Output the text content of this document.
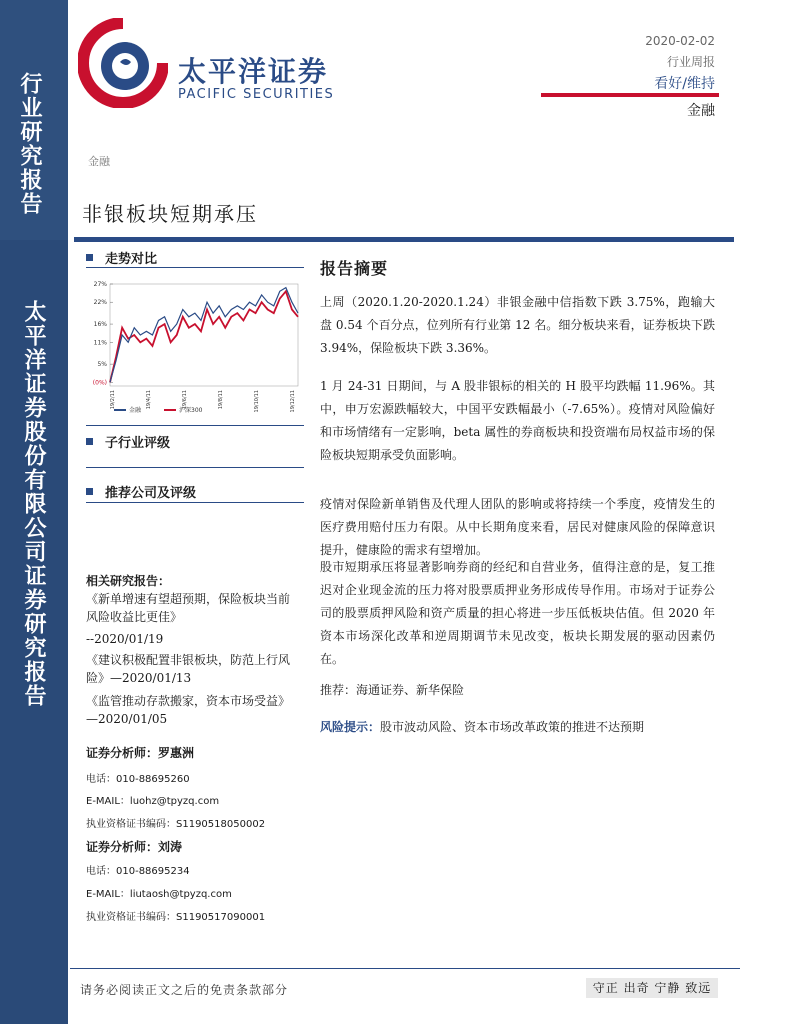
行业研究报告
太平洋证券股份有限公司证券研究报告
太平洋证券
PACIFIC SECURITIES
2020-02-02
行业周报
看好/维持
金融
金融
非银板块短期承压
走势对比
27%
22%
16%
11%
5%
(0%)
19/2/11	19/4/11	19/6/11	19/8/11	19/10/11	19/12/11
金融	沪深300
子行业评级
推荐公司及评级
相关研究报告：
《新单增速有望超预期，保险板块当前风险收益比更佳》
--2020/01/19
《建议积极配置非银板块，防范上行风险》—2020/01/13
《监管推动存款搬家，资本市场受益》—2020/01/05
证券分析师：罗惠洲
电话：010-88695260
E-MAIL：luohz@tpyzq.com
执业资格证书编码：S1190518050002
证券分析师：刘涛
电话：010-88695234
E-MAIL：liutaosh@tpyzq.com
执业资格证书编码：S1190517090001
报告摘要
上周（2020.1.20-2020.1.24）非银金融中信指数下跌 3.75%，跑输大盘 0.54 个百分点，位列所有行业第 12 名。细分板块来看，证券板块下跌 3.94%，保险板块下跌 3.36%。
1 月 24-31 日期间，与 A 股非银标的相关的 H 股平均跌幅 11.96%。其中，申万宏源跌幅较大，中国平安跌幅最小（-7.65%）。疫情对风险偏好和市场情绪有一定影响，beta 属性的券商板块和投资端布局权益市场的保险板块短期承受负面影响。
疫情对保险新单销售及代理人团队的影响或将持续一个季度，疫情发生的医疗费用赔付压力有限。从中长期角度来看，居民对健康风险的保障意识提升，健康险的需求有望增加。
股市短期承压将显著影响券商的经纪和自营业务，值得注意的是，复工推迟对企业现金流的压力将对股票质押业务形成传导作用。市场对于证券公司的股票质押风险和资产质量的担心将进一步压低板块估值。但 2020 年资本市场深化改革和逆周期调节未见改变，板块长期发展的驱动因素仍在。
推荐：海通证券、新华保险
风险提示：股市波动风险、资本市场改革政策的推进不达预期
请务必阅读正文之后的免责条款部分	守正 出奇 宁静 致远
